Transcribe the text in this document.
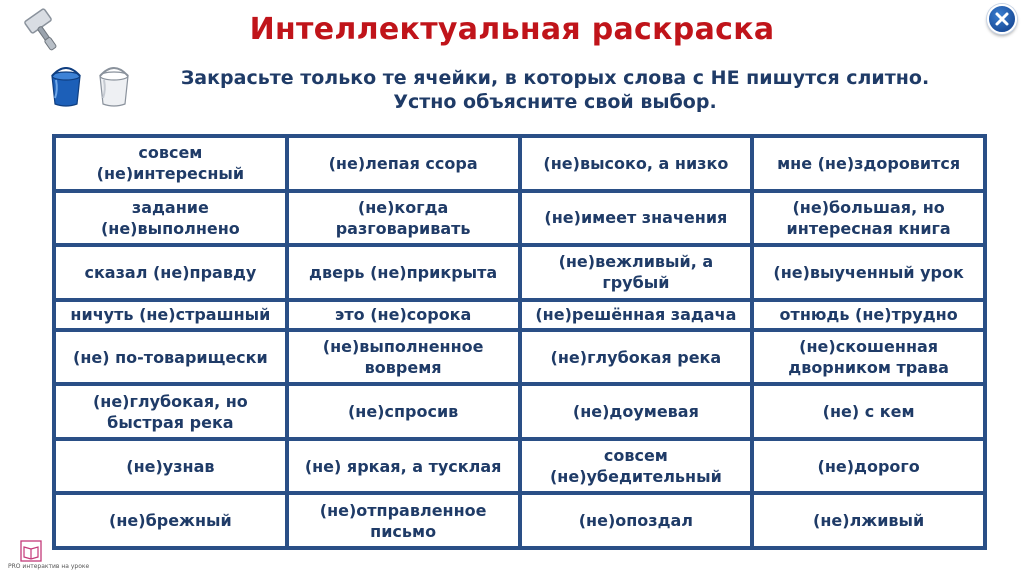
Интеллектуальная раскраска
Закрасьте только те ячейки, в которых слова с НЕ пишутся слитно.
Устно объясните свой выбор.
совсем (не)интересный	(не)лепая ссора	(не)высоко, а низко	мне (не)здоровится
задание (не)выполнено	(не)когда разговаривать	(не)имеет значения	(не)большая, но интересная книга
сказал (не)правду	дверь (не)прикрыта	(не)вежливый, а грубый	(не)выученный урок
ничуть (не)страшный	это (не)сорока	(не)решённая задача	отнюдь (не)трудно
(не) по-товарищески	(не)выполненное вовремя	(не)глубокая река	(не)скошенная дворником трава
(не)глубокая, но быстрая река	(не)спросив	(не)доумевая	(не) с кем
(не)узнав	(не) яркая, а тусклая	совсем (не)убедительный	(не)дорого
(не)брежный	(не)отправленное письмо	(не)опоздал	(не)лживый
PRO интерактив на уроке
